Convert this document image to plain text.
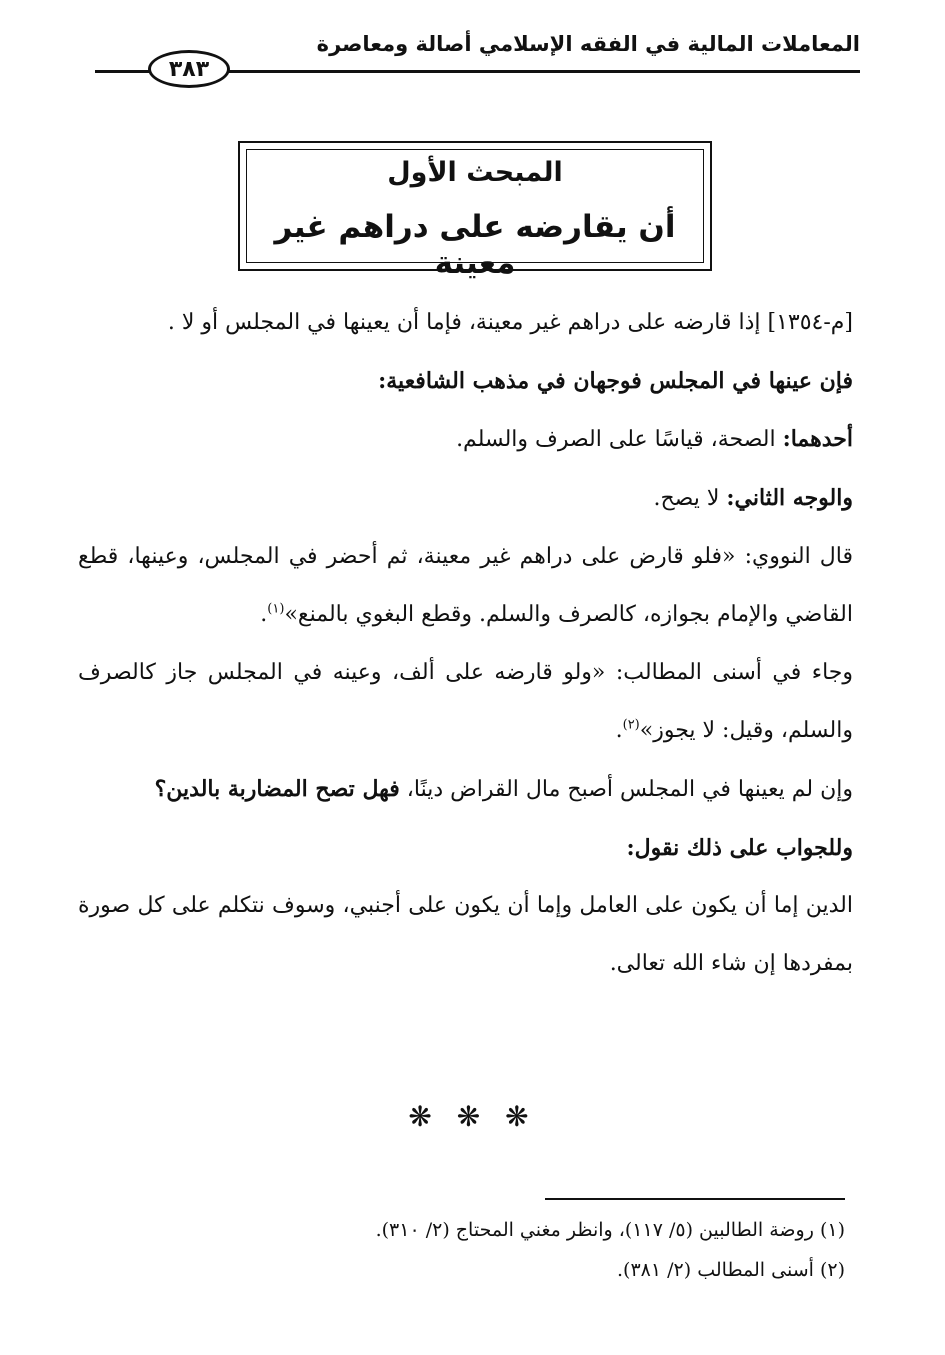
المعاملات المالية في الفقه الإسلامي أصالة ومعاصرة
٣٨٣
المبحث الأول
أن يقارضه على دراهم غير معينة

[م-١٣٥٤] إذا قارضه على دراهم غير معينة، فإما أن يعينها في المجلس أو لا .

فإن عينها في المجلس فوجهان في مذهب الشافعية:

أحدهما: الصحة، قياسًا على الصرف والسلم.

والوجه الثاني: لا يصح.

قال النووي: «فلو قارض على دراهم غير معينة، ثم أحضر في المجلس، وعينها، قطع القاضي والإمام بجوازه، كالصرف والسلم. وقطع البغوي بالمنع»$^{(١)}$.

وجاء في أسنى المطالب: «ولو قارضه على ألف، وعينه في المجلس جاز كالصرف والسلم، وقيل: لا يجوز»$^{(٢)}$.

وإن لم يعينها في المجلس أصبح مال القراض دينًا، فهل تصح المضاربة بالدين؟

وللجواب على ذلك نقول:

الدين إما أن يكون على العامل وإما أن يكون على أجنبي، وسوف نتكلم على كل صورة بمفردها إن شاء الله تعالى.

❋ ❋ ❋

(١) روضة الطالبين (٥/ ١١٧)، وانظر مغني المحتاج (٢/ ٣١٠).

(٢) أسنى المطالب (٢/ ٣٨١).
